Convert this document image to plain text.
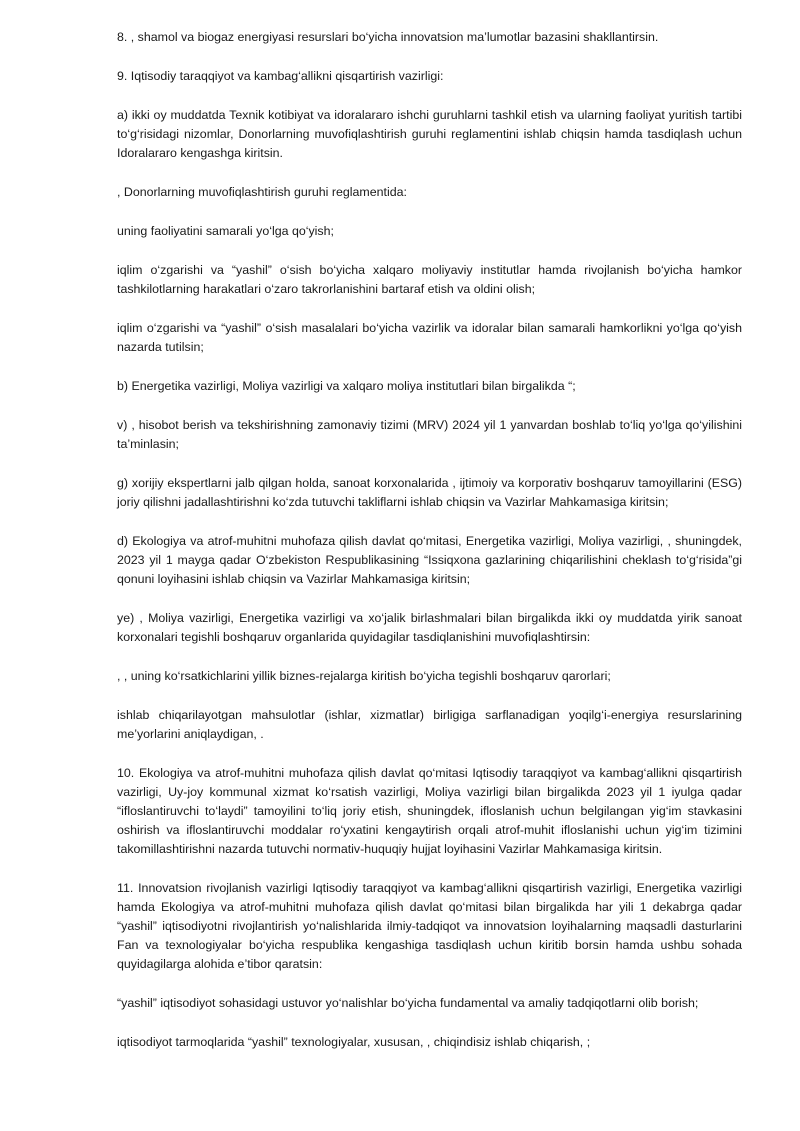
8. , shamol va biogaz energiyasi resurslari bo‘yicha innovatsion ma’lumotlar bazasini shakllantirsin.

9. Iqtisodiy taraqqiyot va kambag‘allikni qisqartirish vazirligi:

a) ikki oy muddatda Texnik kotibiyat va idoralararo ishchi guruhlarni tashkil etish va ularning faoliyat yuritish tartibi to‘g‘risidagi nizomlar, Donorlarning muvofiqlashtirish guruhi reglamentini ishlab chiqsin hamda tasdiqlash uchun Idoralararo kengashga kiritsin.

, Donorlarning muvofiqlashtirish guruhi reglamentida:

uning faoliyatini samarali yo‘lga qo‘yish;

iqlim o‘zgarishi va “yashil” o‘sish bo‘yicha xalqaro moliyaviy institutlar hamda rivojlanish bo‘yicha hamkor tashkilotlarning harakatlari o‘zaro takrorlanishini bartaraf etish va oldini olish;

iqlim o‘zgarishi va “yashil” o‘sish masalalari bo‘yicha vazirlik va idoralar bilan samarali hamkorlikni yo‘lga qo‘yish nazarda tutilsin;

b) Energetika vazirligi, Moliya vazirligi va xalqaro moliya institutlari bilan birgalikda “;

v) , hisobot berish va tekshirishning zamonaviy tizimi (MRV) 2024 yil 1 yanvardan boshlab to‘liq yo‘lga qo‘yilishini ta’minlasin;

g) xorijiy ekspertlarni jalb qilgan holda, sanoat korxonalarida , ijtimoiy va korporativ boshqaruv tamoyillarini (ESG) joriy qilishni jadallashtirishni ko‘zda tutuvchi takliflarni ishlab chiqsin va Vazirlar Mahkamasiga kiritsin;

d) Ekologiya va atrof-muhitni muhofaza qilish davlat qo‘mitasi, Energetika vazirligi, Moliya vazirligi, , shuningdek, 2023 yil 1 mayga qadar O‘zbekiston Respublikasining “Issiqxona gazlarining chiqarilishini cheklash to‘g‘risida”gi qonuni loyihasini ishlab chiqsin va Vazirlar Mahkamasiga kiritsin;

ye) , Moliya vazirligi, Energetika vazirligi va xo‘jalik birlashmalari bilan birgalikda ikki oy muddatda yirik sanoat korxonalari tegishli boshqaruv organlarida quyidagilar tasdiqlanishini muvofiqlashtirsin:

, , uning ko‘rsatkichlarini yillik biznes-rejalarga kiritish bo‘yicha tegishli boshqaruv qarorlari;

ishlab chiqarilayotgan mahsulotlar (ishlar, xizmatlar) birligiga sarflanadigan yoqilg‘i-energiya resurslarining me’yorlarini aniqlaydigan, .

10. Ekologiya va atrof-muhitni muhofaza qilish davlat qo‘mitasi Iqtisodiy taraqqiyot va kambag‘allikni qisqartirish vazirligi, Uy-joy kommunal xizmat ko‘rsatish vazirligi, Moliya vazirligi bilan birgalikda 2023 yil 1 iyulga qadar “ifloslantiruvchi to‘laydi” tamoyilini to‘liq joriy etish, shuningdek, ifloslanish uchun belgilangan yig‘im stavkasini oshirish va ifloslantiruvchi moddalar ro‘yxatini kengaytirish orqali atrof-muhit ifloslanishi uchun yig‘im tizimini takomillashtirishni nazarda tutuvchi normativ-huquqiy hujjat loyihasini Vazirlar Mahkamasiga kiritsin.

11. Innovatsion rivojlanish vazirligi Iqtisodiy taraqqiyot va kambag‘allikni qisqartirish vazirligi, Energetika vazirligi hamda Ekologiya va atrof-muhitni muhofaza qilish davlat qo‘mitasi bilan birgalikda har yili 1 dekabrga qadar “yashil” iqtisodiyotni rivojlantirish yo‘nalishlarida ilmiy-tadqiqot va innovatsion loyihalarning maqsadli dasturlarini Fan va texnologiyalar bo‘yicha respublika kengashiga tasdiqlash uchun kiritib borsin hamda ushbu sohada quyidagilarga alohida e’tibor qaratsin:

“yashil” iqtisodiyot sohasidagi ustuvor yo‘nalishlar bo‘yicha fundamental va amaliy tadqiqotlarni olib borish;

iqtisodiyot tarmoqlarida “yashil” texnologiyalar, xususan, , chiqindisiz ishlab chiqarish, ;
